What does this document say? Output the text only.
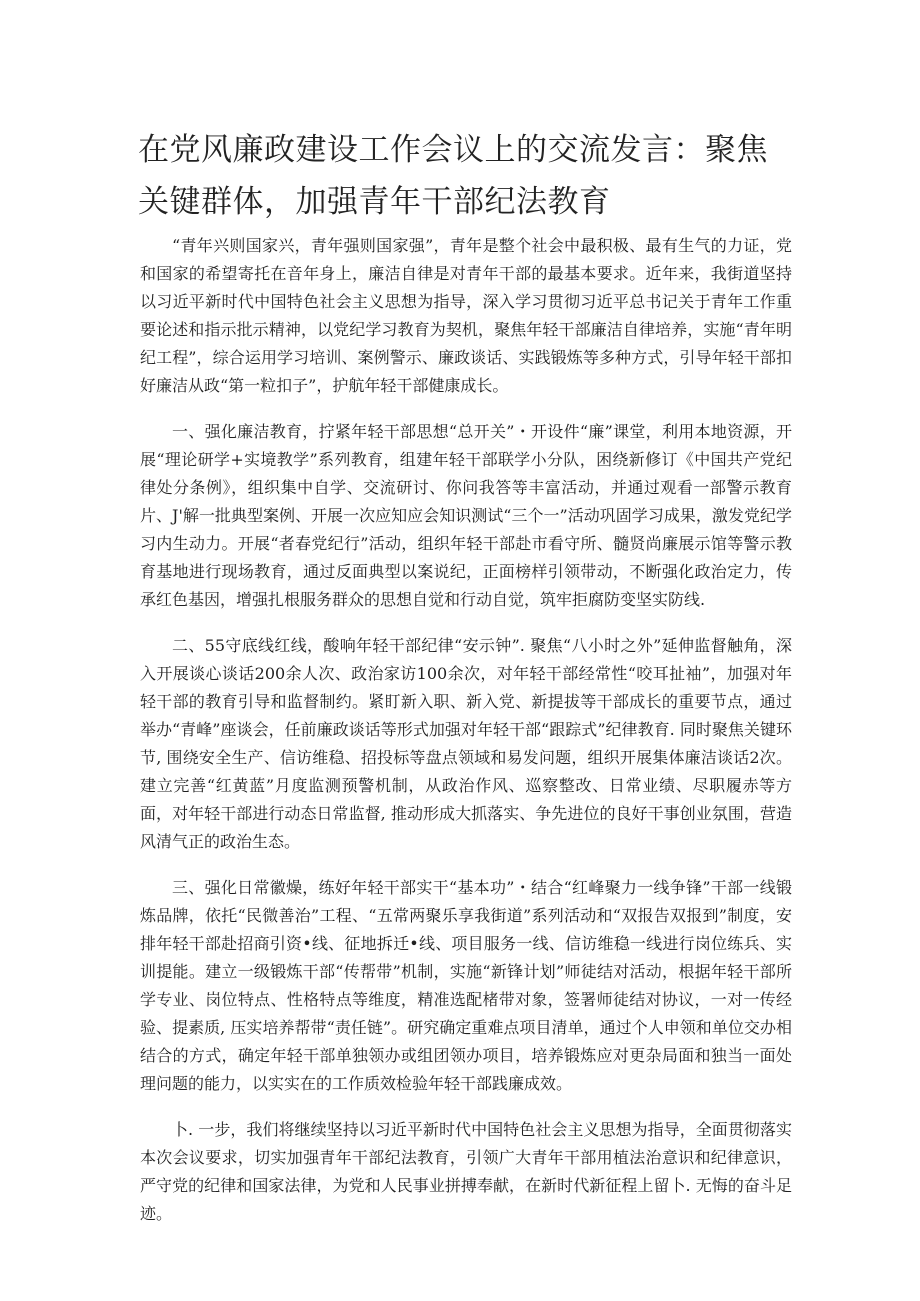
在党风廉政建设工作会议上的交流发言：聚焦关键群体，加强青年干部纪法教育

“青年兴则国家兴，青年强则国家强”，青年是整个社会中最积极、最有生气的力证，党和国家的希望寄托在音年身上，廉洁自律是对青年干部的最基本要求。近年来，我街道坚持以习近平新时代中国特色社会主义思想为指导，深入学习贯彻习近平总书记关于青年工作重要论述和指示批示精神，以党纪学习教育为契机，聚焦年轻干部廉洁自律培养，实施“青年明纪工程”，综合运用学习培训、案例警示、廉政谈话、实践锻炼等多种方式，引导年轻干部扣好廉洁从政“第一粒扣子”，护航年轻干部健康成长。

一、强化廉洁教育，拧紧年轻干部思想“总开关”・开设件“廉”课堂，利用本地资源，开展“理论研学+实境教学”系列教育，组建年轻干部联学小分队，困绕新修订《中国共产党纪律处分条例》，组织集中自学、交流研讨、你问我答等丰富活动，并通过观看一部警示教育片、J'解一批典型案例、开展一次应知应会知识测试“三个一”活动巩固学习成果，激发党纪学习内生动力。开展“者春党纪行”活动，组织年轻干部赴市看守所、髓贤尚廉展示馆等警示教育基地进行现场教育，通过反面典型以案说纪，正面榜样引领带动，不断强化政治定力，传承红色基因，增强扎根服务群众的思想自觉和行动自觉，筑牢拒腐防变坚实防线.

二、55守底线红线，酸响年轻干部纪律“安示钟”. 聚焦“八小时之外”延伸监督触角，深入开展谈心谈话200余人次、政治家访100余次，对年轻干部经常性“咬耳扯袖”，加强对年轻干部的教育引导和监督制约。紧盯新入职、新入党、新提拔等干部成长的重要节点，通过举办“青峰”座谈会，任前廉政谈话等形式加强对年轻干部“跟踪式”纪律教育. 同时聚焦关键环节, 围绕安全生产、信访维稳、招投标等盘点领域和易发问题，组织开展集体廉洁谈话2次。建立完善“红黄蓝”月度监测预警机制，从政治作风、巡察整改、日常业绩、尽职履赤等方面，对年轻干部进行动态日常监督, 推动形成大抓落实、争先进位的良好干事创业氛围，营造风清气正的政治生态。

三、强化日常徽燥，练好年轻干部实干“基本功”・结合“红峰聚力一线争锋”干部一线锻炼品牌，依托“民微善治”工程、“五常两聚乐享我街道”系列活动和“双报告双报到”制度，安排年轻干部赴招商引资•线、征地拆迁•线、项目服务一线、信访维稳一线进行岗位练兵、实训提能。建立一级锻炼干部“传帮带”机制，实施“新锋计划”师徒结对活动，根据年轻干部所学专业、岗位特点、性格特点等维度，精准选配楮带对象，签署师徒结对协议，一对一传经验、提素质, 压实培养帮带“责任链”。研究确定重难点项目清单，通过个人申领和单位交办相结合的方式，确定年轻干部单独领办或组团领办项目，培养锻炼应对更杂局面和独当一面处理问题的能力，以实实在的工作质效检验年轻干部践廉成效。

卜. 一步，我们将继续坚持以习近平新时代中国特色社会主义思想为指导，全面贯彻落实本次会议要求，切实加强青年干部纪法教育，引领广大青年干部用植法治意识和纪律意识，严守党的纪律和国家法律，为党和人民事业拼搏奉献，在新时代新征程上留卜. 无悔的奋斗足迹。
